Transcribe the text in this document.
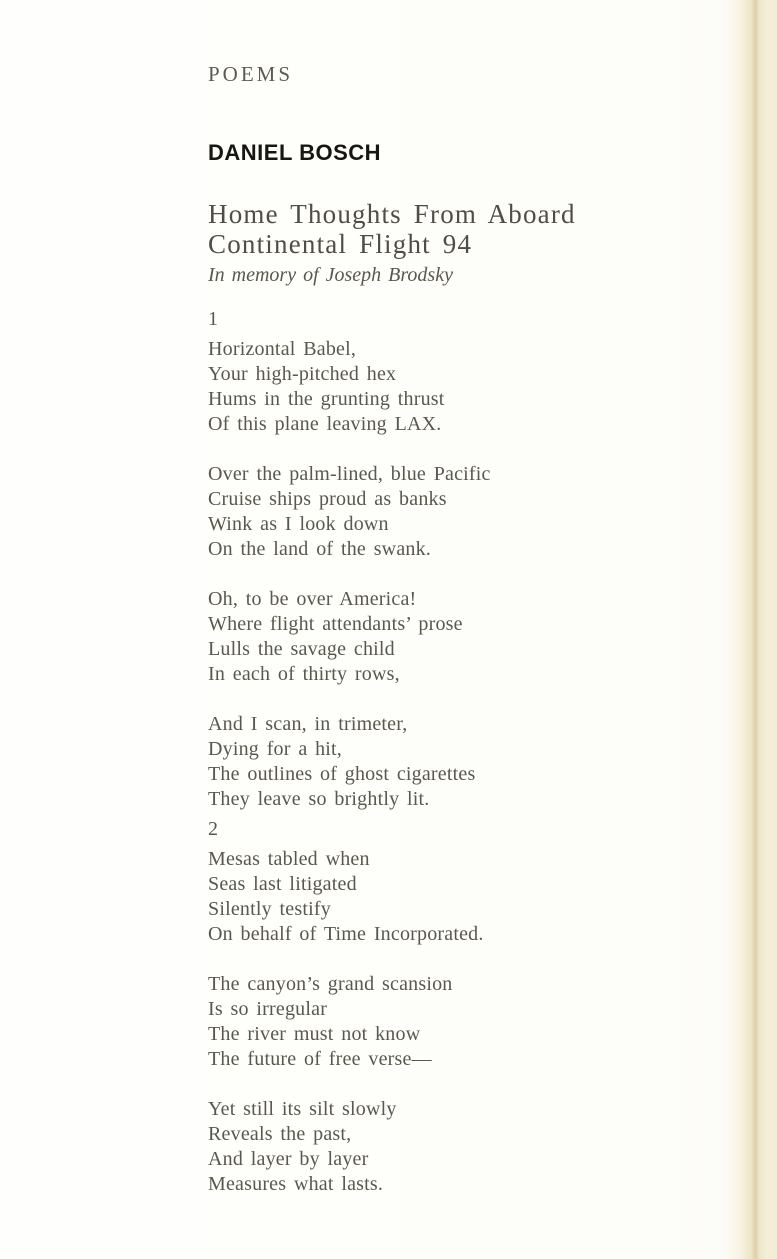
POEMS
DANIEL BOSCH
Home Thoughts From Aboard
Continental Flight 94
In memory of Joseph Brodsky
1
Horizontal Babel,
Your high-pitched hex
Hums in the grunting thrust
Of this plane leaving LAX.
Over the palm-lined, blue Pacific
Cruise ships proud as banks
Wink as I look down
On the land of the swank.
Oh, to be over America!
Where flight attendants’ prose
Lulls the savage child
In each of thirty rows,
And I scan, in trimeter,
Dying for a hit,
The outlines of ghost cigarettes
They leave so brightly lit.
2
Mesas tabled when
Seas last litigated
Silently testify
On behalf of Time Incorporated.
The canyon’s grand scansion
Is so irregular
The river must not know
The future of free verse—
Yet still its silt slowly
Reveals the past,
And layer by layer
Measures what lasts.
